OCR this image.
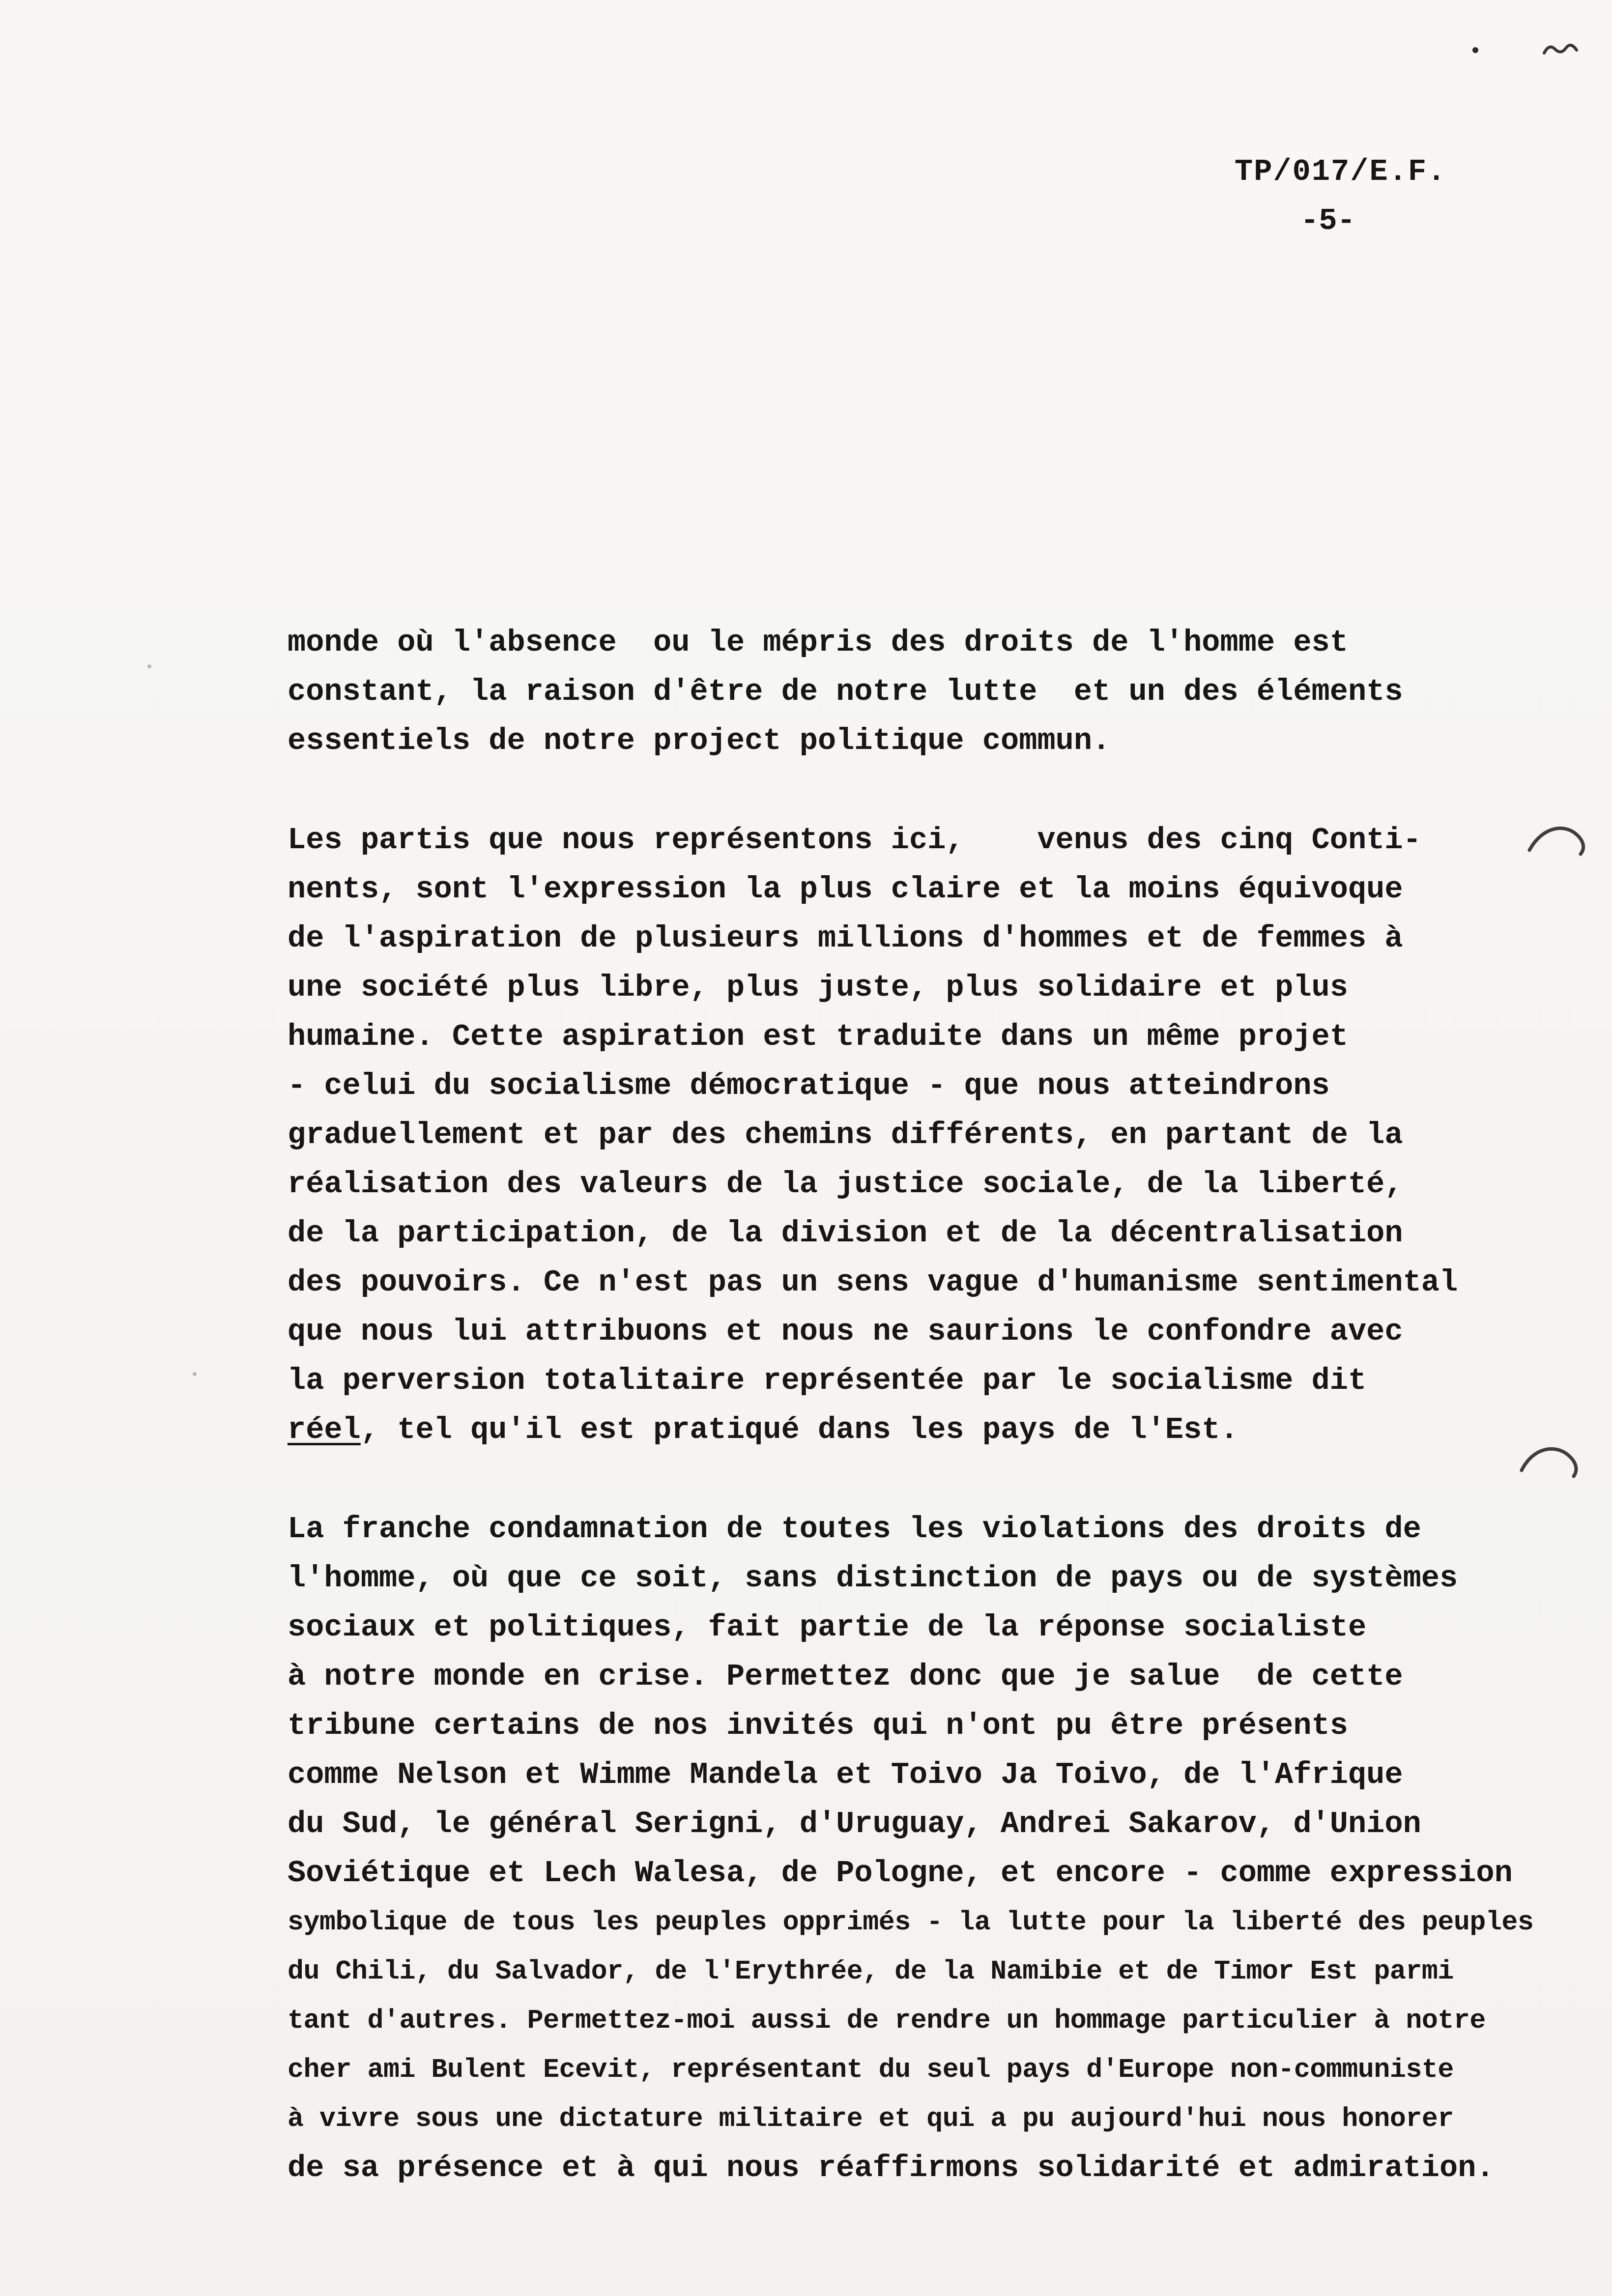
TP/017/E.F.
-5-
monde où l'absence  ou le mépris des droits de l'homme est
constant, la raison d'être de notre lutte  et un des éléments
essentiels de notre project politique commun.
Les partis que nous représentons ici,    venus des cinq Conti-
nents, sont l'expression la plus claire et la moins équivoque
de l'aspiration de plusieurs millions d'hommes et de femmes à
une société plus libre, plus juste, plus solidaire et plus
humaine. Cette aspiration est traduite dans un même projet
- celui du socialisme démocratique - que nous atteindrons
graduellement et par des chemins différents, en partant de la
réalisation des valeurs de la justice sociale, de la liberté,
de la participation, de la division et de la décentralisation
des pouvoirs. Ce n'est pas un sens vague d'humanisme sentimental
que nous lui attribuons et nous ne saurions le confondre avec
la perversion totalitaire représentée par le socialisme dit
réel, tel qu'il est pratiqué dans les pays de l'Est.
La franche condamnation de toutes les violations des droits de
l'homme, où que ce soit, sans distinction de pays ou de systèmes
sociaux et politiques, fait partie de la réponse socialiste
à notre monde en crise. Permettez donc que je salue  de cette
tribune certains de nos invités qui n'ont pu être présents
comme Nelson et Wimme Mandela et Toivo Ja Toivo, de l'Afrique
du Sud, le général Serigni, d'Uruguay, Andrei Sakarov, d'Union
Soviétique et Lech Walesa, de Pologne, et encore - comme expression
symbolique de tous les peuples opprimés - la lutte pour la liberté des peuples
du Chili, du Salvador, de l'Erythrée, de la Namibie et de Timor Est parmi
tant d'autres. Permettez-moi aussi de rendre un hommage particulier à notre
cher ami Bulent Ecevit, représentant du seul pays d'Europe non-communiste
à vivre sous une dictature militaire et qui a pu aujourd'hui nous honorer
de sa présence et à qui nous réaffirmons solidarité et admiration.
